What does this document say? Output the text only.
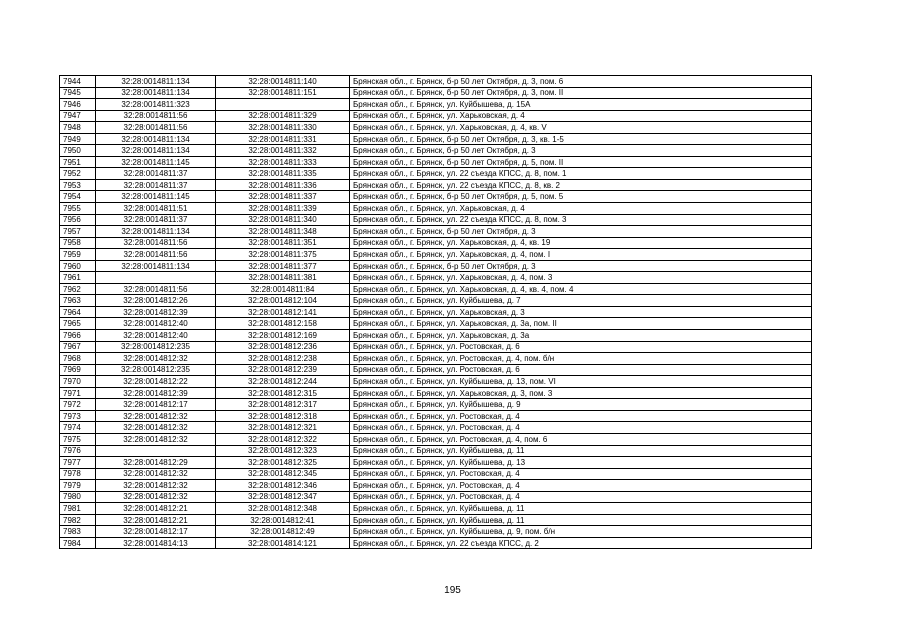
7944	32:28:0014811:134	32:28:0014811:140	Брянская обл., г. Брянск, б-р 50 лет Октября, д. 3, пом. 6
7945	32:28:0014811:134	32:28:0014811:151	Брянская обл., г. Брянск, б-р 50 лет Октября, д. 3, пом. II
7946	32:28:0014811:323		Брянская обл., г. Брянск, ул. Куйбышева, д. 15А
7947	32:28:0014811:56	32:28:0014811:329	Брянская обл., г. Брянск, ул. Харьковская, д. 4
7948	32:28:0014811:56	32:28:0014811:330	Брянская обл., г. Брянск, ул. Харьковская, д. 4, кв. V
7949	32:28:0014811:134	32:28:0014811:331	Брянская обл., г. Брянск, б-р 50 лет Октября, д. 3, кв. 1-5
7950	32:28:0014811:134	32:28:0014811:332	Брянская обл., г. Брянск, б-р 50 лет Октября, д. 3
7951	32:28:0014811:145	32:28:0014811:333	Брянская обл., г. Брянск, б-р 50 лет Октября, д. 5, пом. II
7952	32:28:0014811:37	32:28:0014811:335	Брянская обл., г. Брянск, ул. 22 съезда КПСС, д. 8, пом. 1
7953	32:28:0014811:37	32:28:0014811:336	Брянская обл., г. Брянск, ул. 22 съезда КПСС, д. 8, кв. 2
7954	32:28:0014811:145	32:28:0014811:337	Брянская обл., г. Брянск, б-р 50 лет Октября, д. 5, пом. 5
7955	32:28:0014811:51	32:28:0014811:339	Брянская обл., г. Брянск, ул. Харьковская, д. 4
7956	32:28:0014811:37	32:28:0014811:340	Брянская обл., г. Брянск, ул. 22 съезда КПСС, д. 8, пом. 3
7957	32:28:0014811:134	32:28:0014811:348	Брянская обл., г. Брянск, б-р 50 лет Октября, д. 3
7958	32:28:0014811:56	32:28:0014811:351	Брянская обл., г. Брянск, ул. Харьковская, д. 4, кв. 19
7959	32:28:0014811:56	32:28:0014811:375	Брянская обл., г. Брянск, ул. Харьковская, д. 4, пом. I
7960	32:28:0014811:134	32:28:0014811:377	Брянская обл., г. Брянск, б-р 50 лет Октября, д. 3
7961		32:28:0014811:381	Брянская обл., г. Брянск, ул. Харьковская, д. 4, пом. 3
7962	32:28:0014811:56	32:28:0014811:84	Брянская обл., г. Брянск, ул. Харьковская, д. 4, кв. 4, пом. 4
7963	32:28:0014812:26	32:28:0014812:104	Брянская обл., г. Брянск, ул. Куйбышева, д. 7
7964	32:28:0014812:39	32:28:0014812:141	Брянская обл., г. Брянск, ул. Харьковская, д. 3
7965	32:28:0014812:40	32:28:0014812:158	Брянская обл., г. Брянск, ул. Харьковская, д. 3а, пом. II
7966	32:28:0014812:40	32:28:0014812:169	Брянская обл., г. Брянск, ул. Харьковская, д. 3а
7967	32:28:0014812:235	32:28:0014812:236	Брянская обл., г. Брянск, ул. Ростовская, д. 6
7968	32:28:0014812:32	32:28:0014812:238	Брянская обл., г. Брянск, ул. Ростовская, д. 4, пом. б/н
7969	32:28:0014812:235	32:28:0014812:239	Брянская обл., г. Брянск, ул. Ростовская, д. 6
7970	32:28:0014812:22	32:28:0014812:244	Брянская обл., г. Брянск, ул. Куйбышева, д. 13, пом. VI
7971	32:28:0014812:39	32:28:0014812:315	Брянская обл., г. Брянск, ул. Харьковская, д. 3, пом. 3
7972	32:28:0014812:17	32:28:0014812:317	Брянская обл., г. Брянск, ул. Куйбышева, д. 9
7973	32:28:0014812:32	32:28:0014812:318	Брянская обл., г. Брянск, ул. Ростовская, д. 4
7974	32:28:0014812:32	32:28:0014812:321	Брянская обл., г. Брянск, ул. Ростовская, д. 4
7975	32:28:0014812:32	32:28:0014812:322	Брянская обл., г. Брянск, ул. Ростовская, д. 4, пом. 6
7976		32:28:0014812:323	Брянская обл., г. Брянск, ул. Куйбышева, д. 11
7977	32:28:0014812:29	32:28:0014812:325	Брянская обл., г. Брянск, ул. Куйбышева, д. 13
7978	32:28:0014812:32	32:28:0014812:345	Брянская обл., г. Брянск, ул. Ростовская, д. 4
7979	32:28:0014812:32	32:28:0014812:346	Брянская обл., г. Брянск, ул. Ростовская, д. 4
7980	32:28:0014812:32	32:28:0014812:347	Брянская обл., г. Брянск, ул. Ростовская, д. 4
7981	32:28:0014812:21	32:28:0014812:348	Брянская обл., г. Брянск, ул. Куйбышева, д. 11
7982	32:28:0014812:21	32:28:0014812:41	Брянская обл., г. Брянск, ул. Куйбышева, д. 11
7983	32:28:0014812:17	32:28:0014812:49	Брянская обл., г. Брянск, ул. Куйбышева, д. 9, пом. б/н
7984	32:28:0014814:13	32:28:0014814:121	Брянская обл., г. Брянск, ул. 22 съезда КПСС, д. 2
195
